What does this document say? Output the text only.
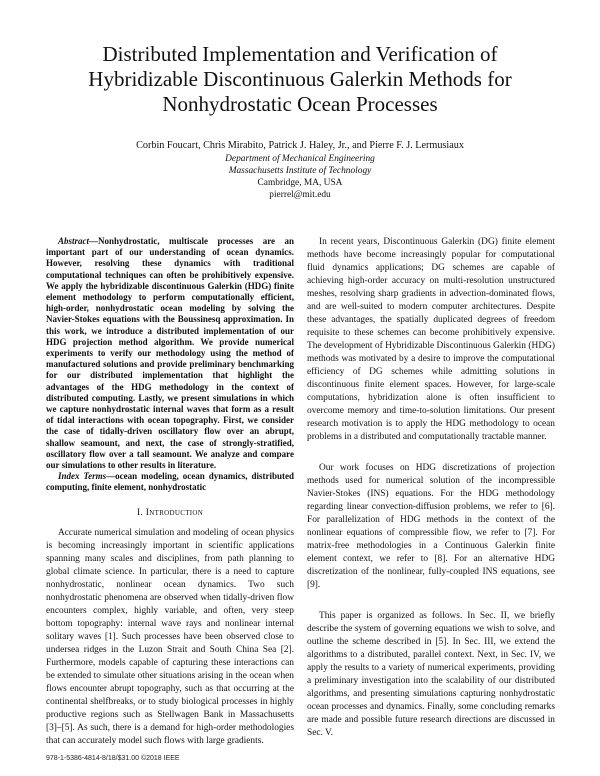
Distributed Implementation and Verification of
Hybridizable Discontinuous Galerkin Methods for
Nonhydrostatic Ocean Processes

Corbin Foucart, Chris Mirabito, Patrick J. Haley, Jr., and Pierre F. J. Lermusiaux

Department of Mechanical Engineering

Massachusetts Institute of Technology

Cambridge, MA, USA

pierrel@mit.edu

Abstract—Nonhydrostatic, multiscale processes are an important part of our understanding of ocean dynamics. However, resolving these dynamics with traditional computational techniques can often be prohibitively expensive. We apply the hybridizable discontinuous Galerkin (HDG) finite element methodology to perform computationally efficient, high-order, nonhydrostatic ocean modeling by solving the Navier-Stokes equations with the Boussinesq approximation. In this work, we introduce a distributed implementation of our HDG projection method algorithm. We provide numerical experiments to verify our methodology using the method of manufactured solutions and provide preliminary benchmarking for our distributed implementation that highlight the advantages of the HDG methodology in the context of distributed computing. Lastly, we present simulations in which we capture nonhydrostatic internal waves that form as a result of tidal interactions with ocean topography. First, we consider the case of tidally-driven oscillatory flow over an abrupt, shallow seamount, and next, the case of strongly-stratified, oscillatory flow over a tall seamount. We analyze and compare our simulations to other results in literature.

Index Terms—ocean modeling, ocean dynamics, distributed computing, finite element, nonhydrostatic

I. Introduction

Accurate numerical simulation and modeling of ocean physics is becoming increasingly important in scientific applications spanning many scales and disciplines, from path planning to global climate science. In particular, there is a need to capture nonhydrostatic, nonlinear ocean dynamics. Two such nonhydrostatic phenomena are observed when tidally-driven flow encounters complex, highly variable, and often, very steep bottom topography: internal wave rays and nonlinear internal solitary waves [1]. Such processes have been observed close to undersea ridges in the Luzon Strait and South China Sea [2]. Furthermore, models capable of capturing these interactions can be extended to simulate other situations arising in the ocean when flows encounter abrupt topography, such as that occurring at the continental shelfbreaks, or to study biological processes in highly productive regions such as Stellwagen Bank in Massachusetts [3]–[5]. As such, there is a demand for high-order methodologies that can accurately model such flows with large gradients.

In recent years, Discontinuous Galerkin (DG) finite element methods have become increasingly popular for computational fluid dynamics applications; DG schemes are capable of achieving high-order accuracy on multi-resolution unstructured meshes, resolving sharp gradients in advection-dominated flows, and are well-suited to modern computer architectures. Despite these advantages, the spatially duplicated degrees of freedom requisite to these schemes can become prohibitively expensive. The development of Hybridizable Discontinuous Galerkin (HDG) methods was motivated by a desire to improve the computational efficiency of DG schemes while admitting solutions in discontinuous finite element spaces. However, for large-scale computations, hybridization alone is often insufficient to overcome memory and time-to-solution limitations. Our present research motivation is to apply the HDG methodology to ocean problems in a distributed and computationally tractable manner.

Our work focuses on HDG discretizations of projection methods used for numerical solution of the incompressible Navier-Stokes (INS) equations. For the HDG methodology regarding linear convection-diffusion problems, we refer to [6]. For parallelization of HDG methods in the context of the nonlinear equations of compressible flow, we refer to [7]. For matrix-free methodologies in a Continuous Galerkin finite element context, we refer to [8]. For an alternative HDG discretization of the nonlinear, fully-coupled INS equations, see [9].

This paper is organized as follows. In Sec. II, we briefly describe the system of governing equations we wish to solve, and outline the scheme described in [5]. In Sec. III, we extend the algorithms to a distributed, parallel context. Next, in Sec. IV, we apply the results to a variety of numerical experiments, providing a preliminary investigation into the scalability of our distributed algorithms, and presenting simulations capturing nonhydrostatic ocean processes and dynamics. Finally, some concluding remarks are made and possible future research directions are discussed in Sec. V.

978-1-5386-4814-8/18/$31.00 ©2018 IEEE
